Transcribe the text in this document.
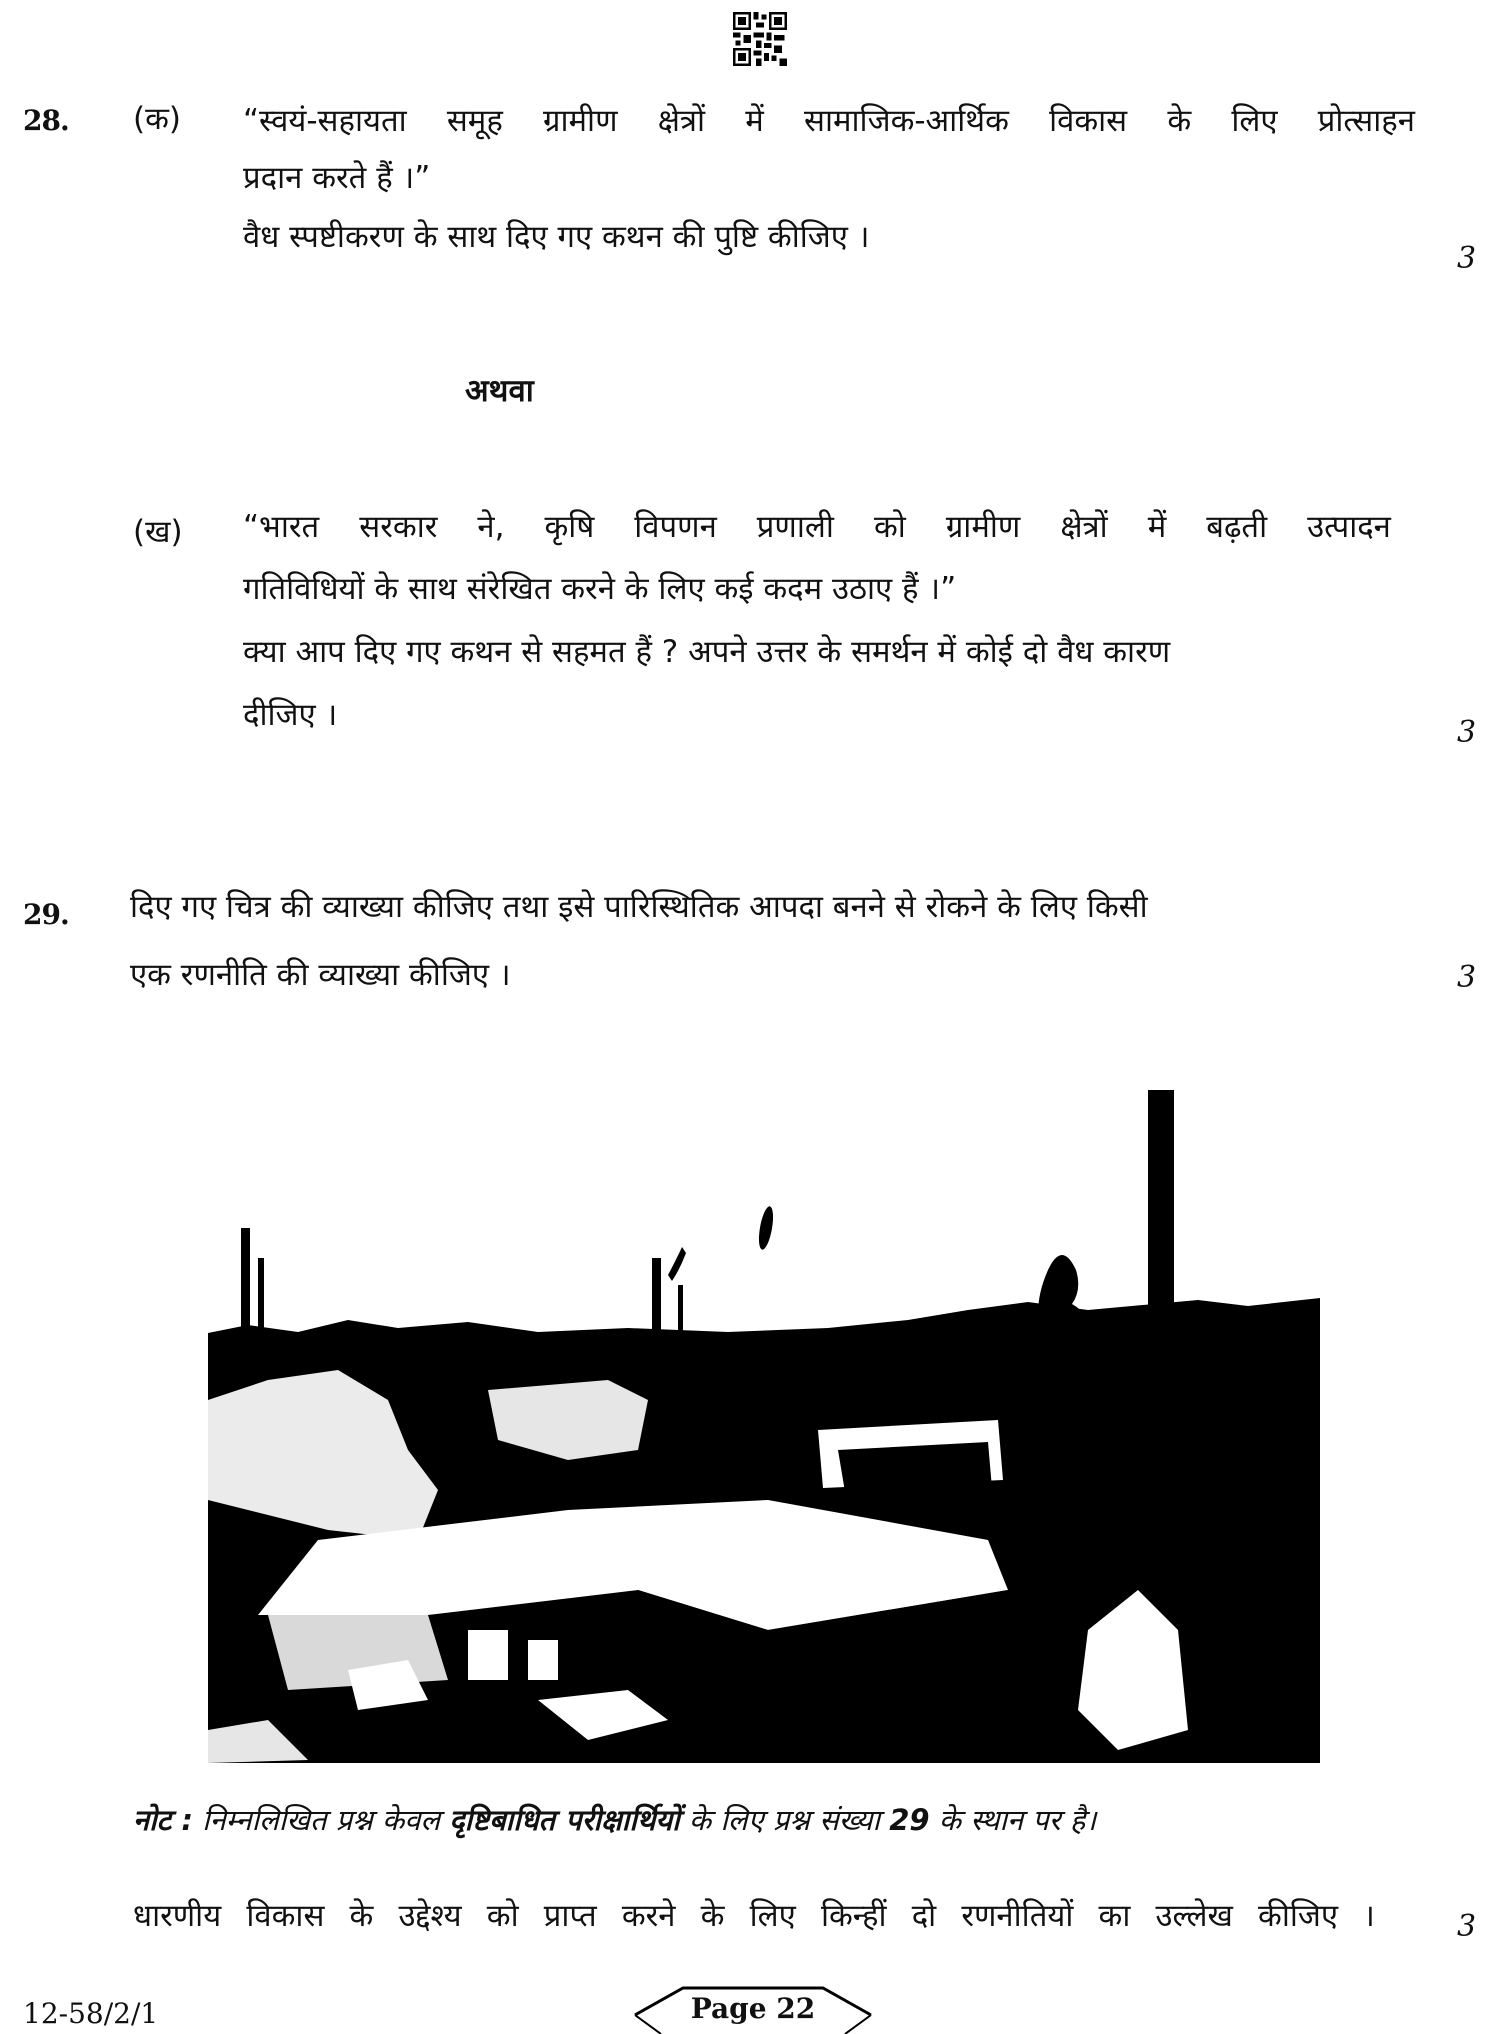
28. (क) “स्वयं-सहायता समूह ग्रामीण क्षेत्रों में सामाजिक-आर्थिक विकास के लिए प्रोत्साहन
प्रदान करते हैं ।”
वैध स्पष्टीकरण के साथ दिए गए कथन की पुष्टि कीजिए ।
3
अथवा
(ख) “भारत सरकार ने, कृषि विपणन प्रणाली को ग्रामीण क्षेत्रों में बढ़ती उत्पादन
गतिविधियों के साथ संरेखित करने के लिए कई कदम उठाए हैं ।”
क्या आप दिए गए कथन से सहमत हैं ? अपने उत्तर के समर्थन में कोई दो वैध कारण
दीजिए ।	3
29. दिए गए चित्र की व्याख्या कीजिए तथा इसे पारिस्थितिक आपदा बनने से रोकने के लिए किसी
एक रणनीति की व्याख्या कीजिए ।	3
नोट : निम्नलिखित प्रश्न केवल दृष्टिबाधित परीक्षार्थियों के लिए प्रश्न संख्या 29 के स्थान पर है।
धारणीय विकास के उद्देश्य को प्राप्त करने के लिए किन्हीं दो रणनीतियों का उल्लेख कीजिए ।	3
12-58/2/1	Page 22
